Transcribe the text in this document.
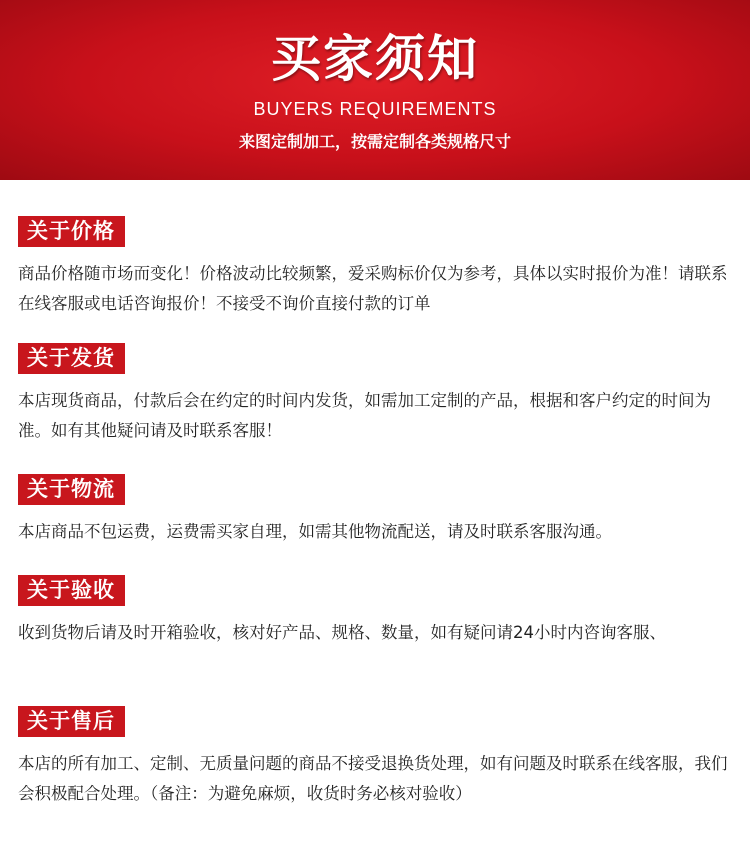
买家须知
BUYERS REQUIREMENTS
来图定制加工，按需定制各类规格尺寸
关于价格
商品价格随市场而变化！价格波动比较频繁，爱采购标价仅为参考，具体以实时报价为准！请联系在线客服或电话咨询报价！不接受不询价直接付款的订单
关于发货
本店现货商品，付款后会在约定的时间内发货，如需加工定制的产品，根据和客户约定的时间为准。如有其他疑问请及时联系客服！
关于物流
本店商品不包运费，运费需买家自理，如需其他物流配送，请及时联系客服沟通。
关于验收
收到货物后请及时开箱验收，核对好产品、规格、数量，如有疑问请24小时内咨询客服、
关于售后
本店的所有加工、定制、无质量问题的商品不接受退换货处理，如有问题及时联系在线客服，我们会积极配合处理。（备注：为避免麻烦，收货时务必核对验收）
